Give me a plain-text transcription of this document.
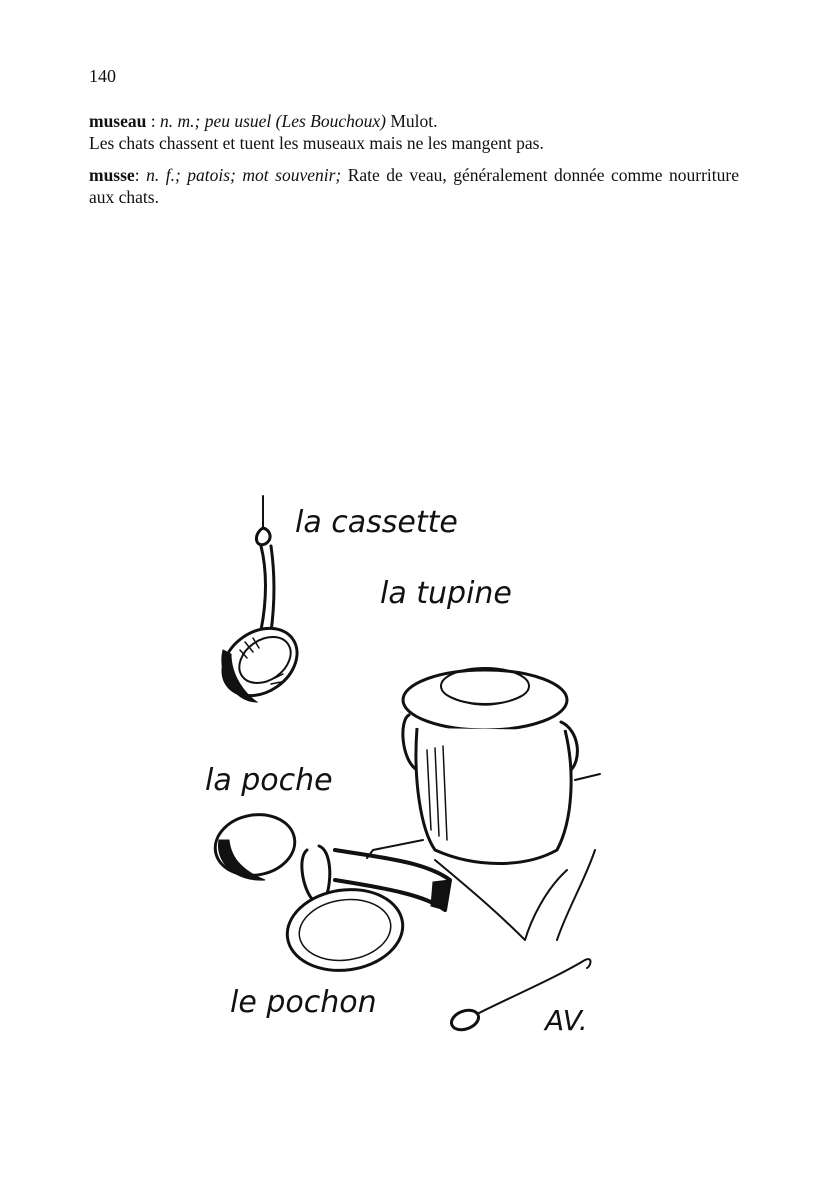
140
museau : n. m.; peu usuel (Les Bouchoux) Mulot.
Les chats chassent et tuent les museaux mais ne les mangent pas.
musse: n. f.; patois; mot souvenir; Rate de veau, généralement donnée comme nourriture aux chats.
la cassette
la tupine
la poche
le pochon
AV.
